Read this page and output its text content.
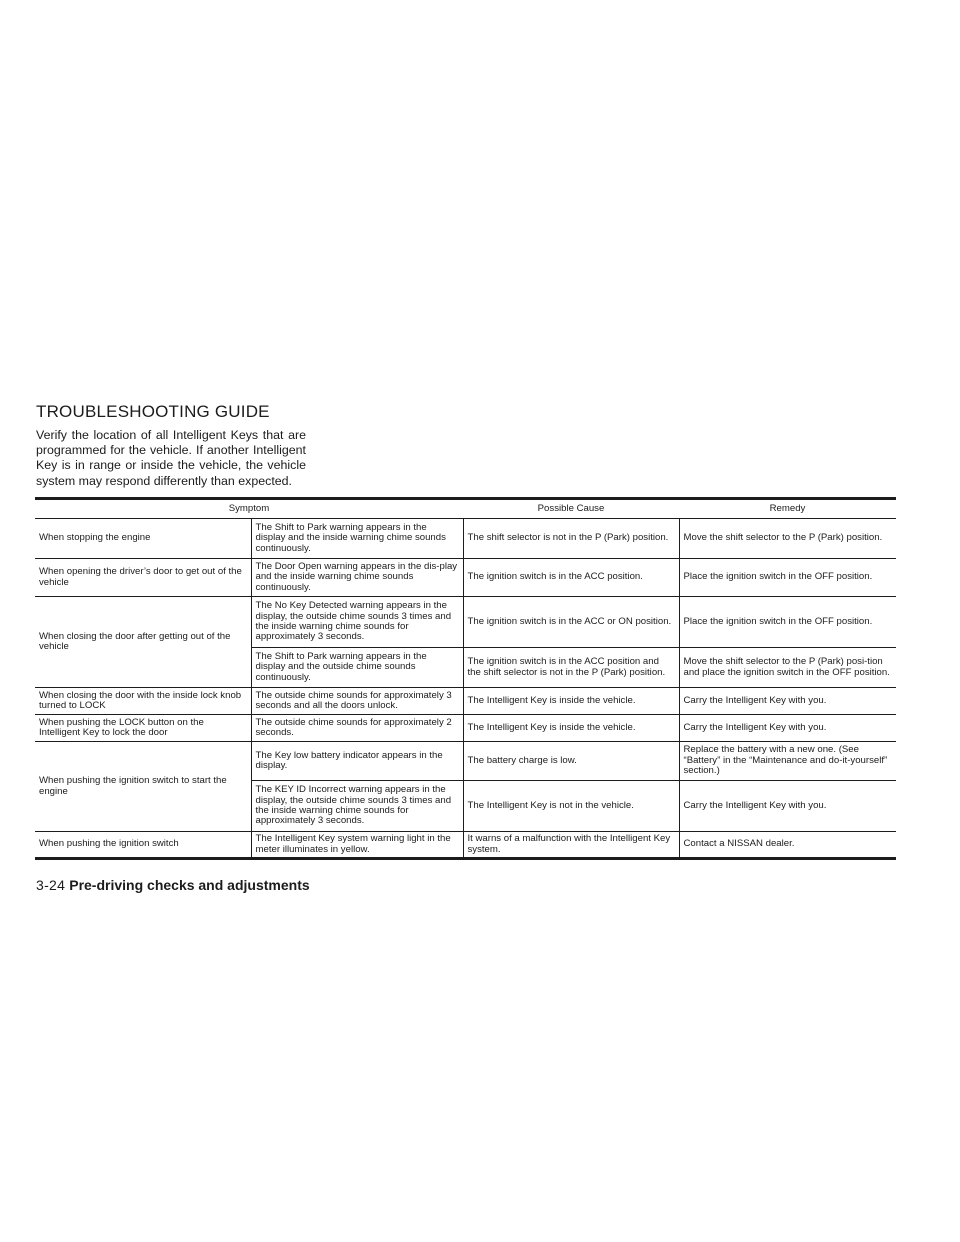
TROUBLESHOOTING GUIDE

Verify the location of all Intelligent Keys that are
programmed for the vehicle. If another Intelligent
Key is in range or inside the vehicle, the vehicle
system may respond differently than expected.

Symptom		Possible Cause	Remedy
When stopping the engine	The Shift to Park warning appears in the display and the inside warning chime sounds continuously.	The shift selector is not in the P (Park) position.	Move the shift selector to the P (Park) position.
When opening the driver’s door to get out of the vehicle	The Door Open warning appears in the dis-play and the inside warning chime sounds continuously.	The ignition switch is in the ACC position.	Place the ignition switch in the OFF position.
When closing the door after getting out of the vehicle	The No Key Detected warning appears in the display, the outside chime sounds 3 times and the inside warning chime sounds for approximately 3 seconds.	The ignition switch is in the ACC or ON position.	Place the ignition switch in the OFF position.
	The Shift to Park warning appears in the display and the outside chime sounds continuously.	The ignition switch is in the ACC position and the shift selector is not in the P (Park) position.	Move the shift selector to the P (Park) posi-tion and place the ignition switch in the OFF position.
When closing the door with the inside lock knob turned to LOCK	The outside chime sounds for approximately 3 seconds and all the doors unlock.	The Intelligent Key is inside the vehicle.	Carry the Intelligent Key with you.
When pushing the LOCK button on the Intelligent Key to lock the door	The outside chime sounds for approximately 2 seconds.	The Intelligent Key is inside the vehicle.	Carry the Intelligent Key with you.
When pushing the ignition switch to start the engine	The Key low battery indicator appears in the display.	The battery charge is low.	Replace the battery with a new one. (See “Battery” in the “Maintenance and do-it-yourself” section.)
	The KEY ID Incorrect warning appears in the display, the outside chime sounds 3 times and the inside warning chime sounds for approximately 3 seconds.	The Intelligent Key is not in the vehicle.	Carry the Intelligent Key with you.
When pushing the ignition switch	The Intelligent Key system warning light in the meter illuminates in yellow.	It warns of a malfunction with the Intelligent Key system.	Contact a NISSAN dealer.
3-24 Pre-driving checks and adjustments
